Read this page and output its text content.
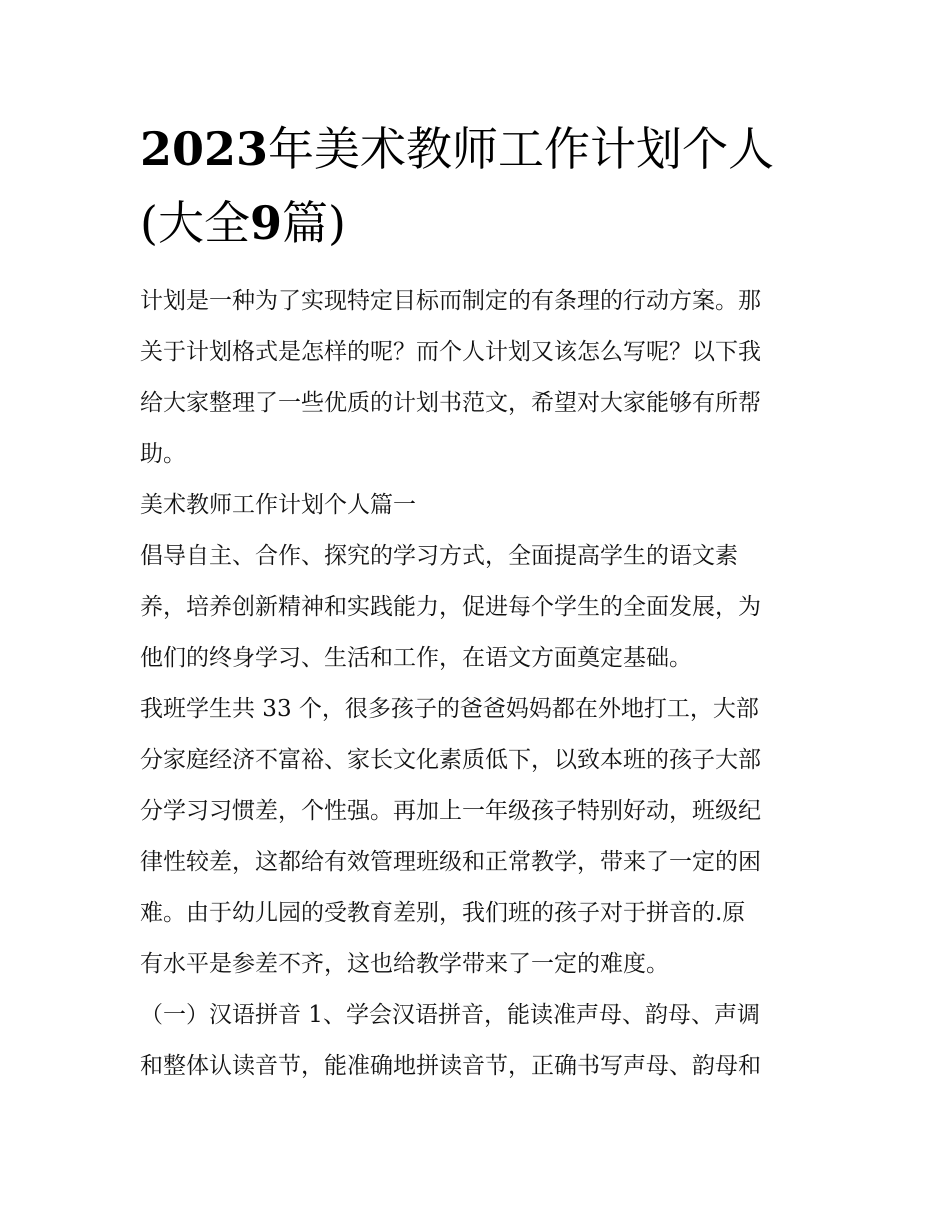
2023年美术教师工作计划个人
(大全9篇)
计划是一种为了实现特定目标而制定的有条理的行动方案。那
关于计划格式是怎样的呢？而个人计划又该怎么写呢？以下我
给大家整理了一些优质的计划书范文，希望对大家能够有所帮
助。
美术教师工作计划个人篇一
倡导自主、合作、探究的学习方式，全面提高学生的语文素
养，培养创新精神和实践能力，促进每个学生的全面发展，为
他们的终身学习、生活和工作，在语文方面奠定基础。
我班学生共 33 个，很多孩子的爸爸妈妈都在外地打工，大部
分家庭经济不富裕、家长文化素质低下，以致本班的孩子大部
分学习习惯差，个性强。再加上一年级孩子特别好动，班级纪
律性较差，这都给有效管理班级和正常教学，带来了一定的困
难。由于幼儿园的受教育差别，我们班的孩子对于拼音的.原
有水平是参差不齐，这也给教学带来了一定的难度。
（一）汉语拼音 1、学会汉语拼音，能读准声母、韵母、声调
和整体认读音节，能准确地拼读音节，正确书写声母、韵母和
